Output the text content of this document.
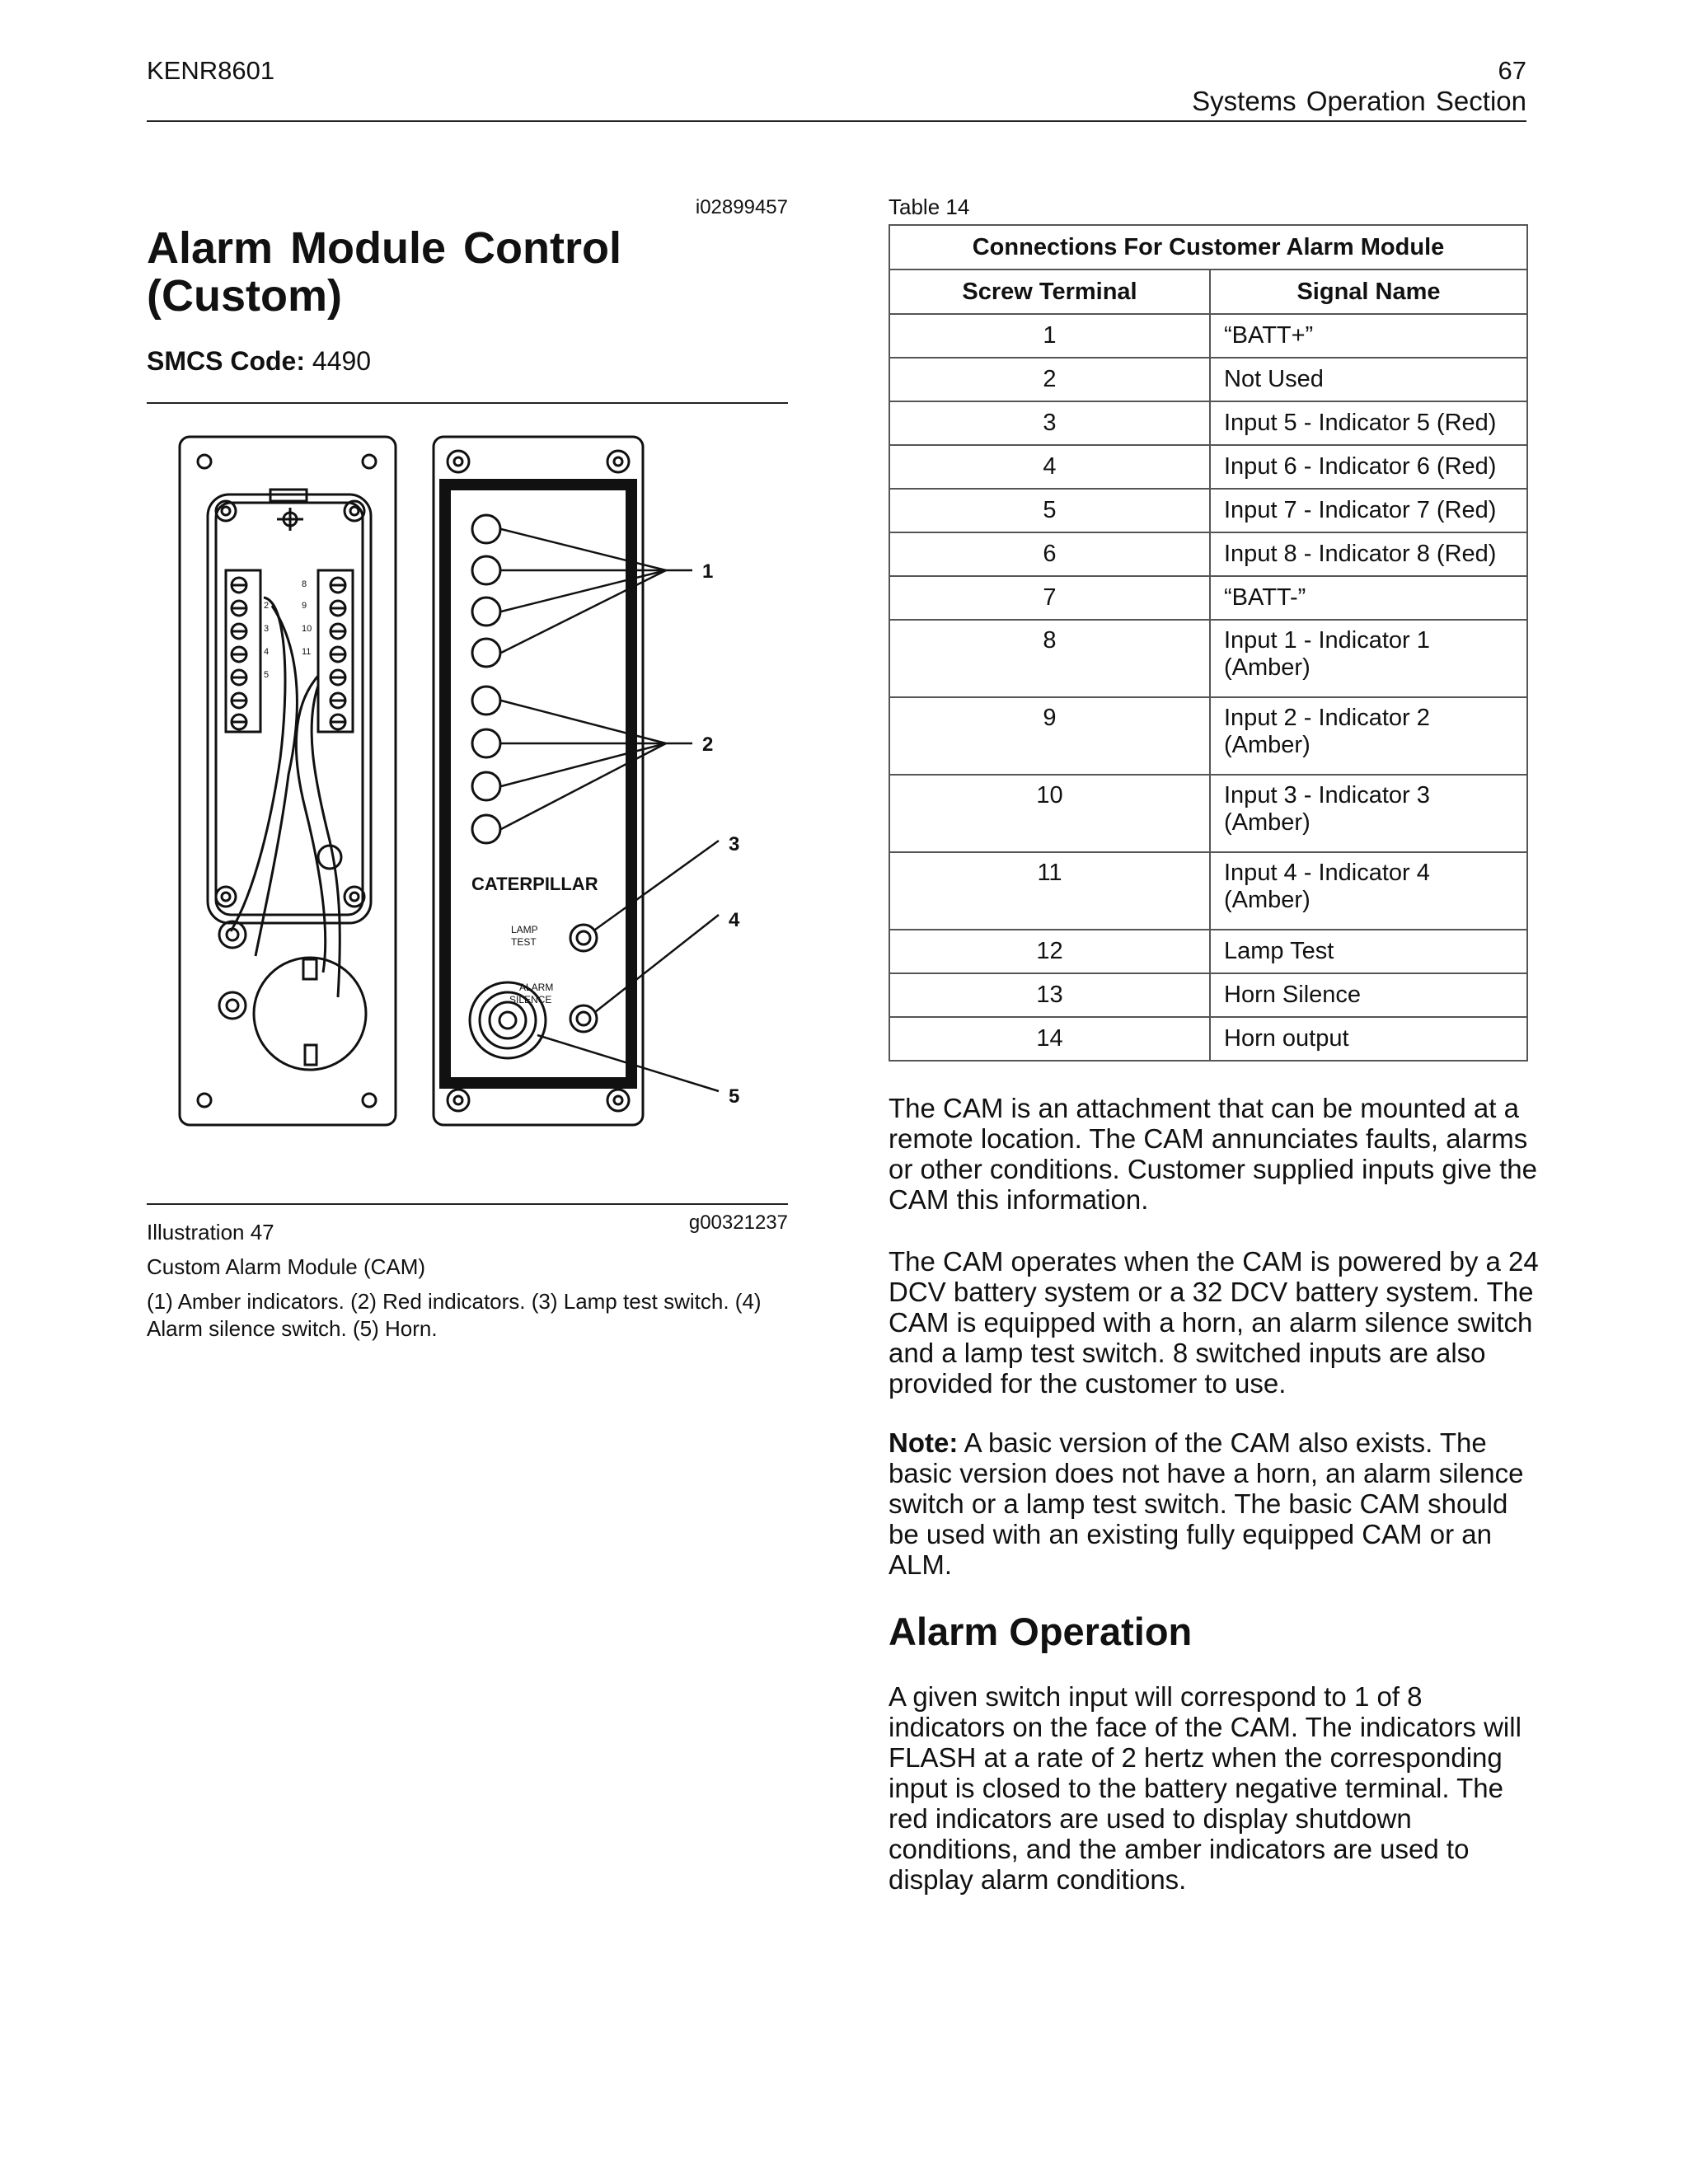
KENR8601	67
Systems Operation Section
i02899457
Alarm Module Control (Custom)
SMCS Code: 4490
8
2	9
3	10
4	11
5
CATERPILLAR
LAMP
TEST
ALARM
SILENCE
1
2
3
4
5
Illustration 47	g00321237
Custom Alarm Module (CAM)
(1) Amber indicators. (2) Red indicators. (3) Lamp test switch. (4) Alarm silence switch. (5) Horn.
Table 14
Connections For Customer Alarm Module	
Screw Terminal	Signal Name
1	“BATT+”
2	Not Used
3	Input 5 - Indicator 5 (Red)
4	Input 6 - Indicator 6 (Red)
5	Input 7 - Indicator 7 (Red)
6	Input 8 - Indicator 8 (Red)
7	“BATT-”
8	Input 1 - Indicator 1 (Amber)
9	Input 2 - Indicator 2 (Amber)
10	Input 3 - Indicator 3 (Amber)
11	Input 4 - Indicator 4 (Amber)
12	Lamp Test
13	Horn Silence
14	Horn output
The CAM is an attachment that can be mounted at a remote location. The CAM annunciates faults, alarms or other conditions. Customer supplied inputs give the CAM this information.
The CAM operates when the CAM is powered by a 24 DCV battery system or a 32 DCV battery system. The CAM is equipped with a horn, an alarm silence switch and a lamp test switch. 8 switched inputs are also provided for the customer to use.
Note: A basic version of the CAM also exists. The basic version does not have a horn, an alarm silence switch or a lamp test switch. The basic CAM should be used with an existing fully equipped CAM or an ALM.
Alarm Operation
A given switch input will correspond to 1 of 8 indicators on the face of the CAM. The indicators will FLASH at a rate of 2 hertz when the corresponding input is closed to the battery negative terminal. The red indicators are used to display shutdown conditions, and the amber indicators are used to display alarm conditions.
